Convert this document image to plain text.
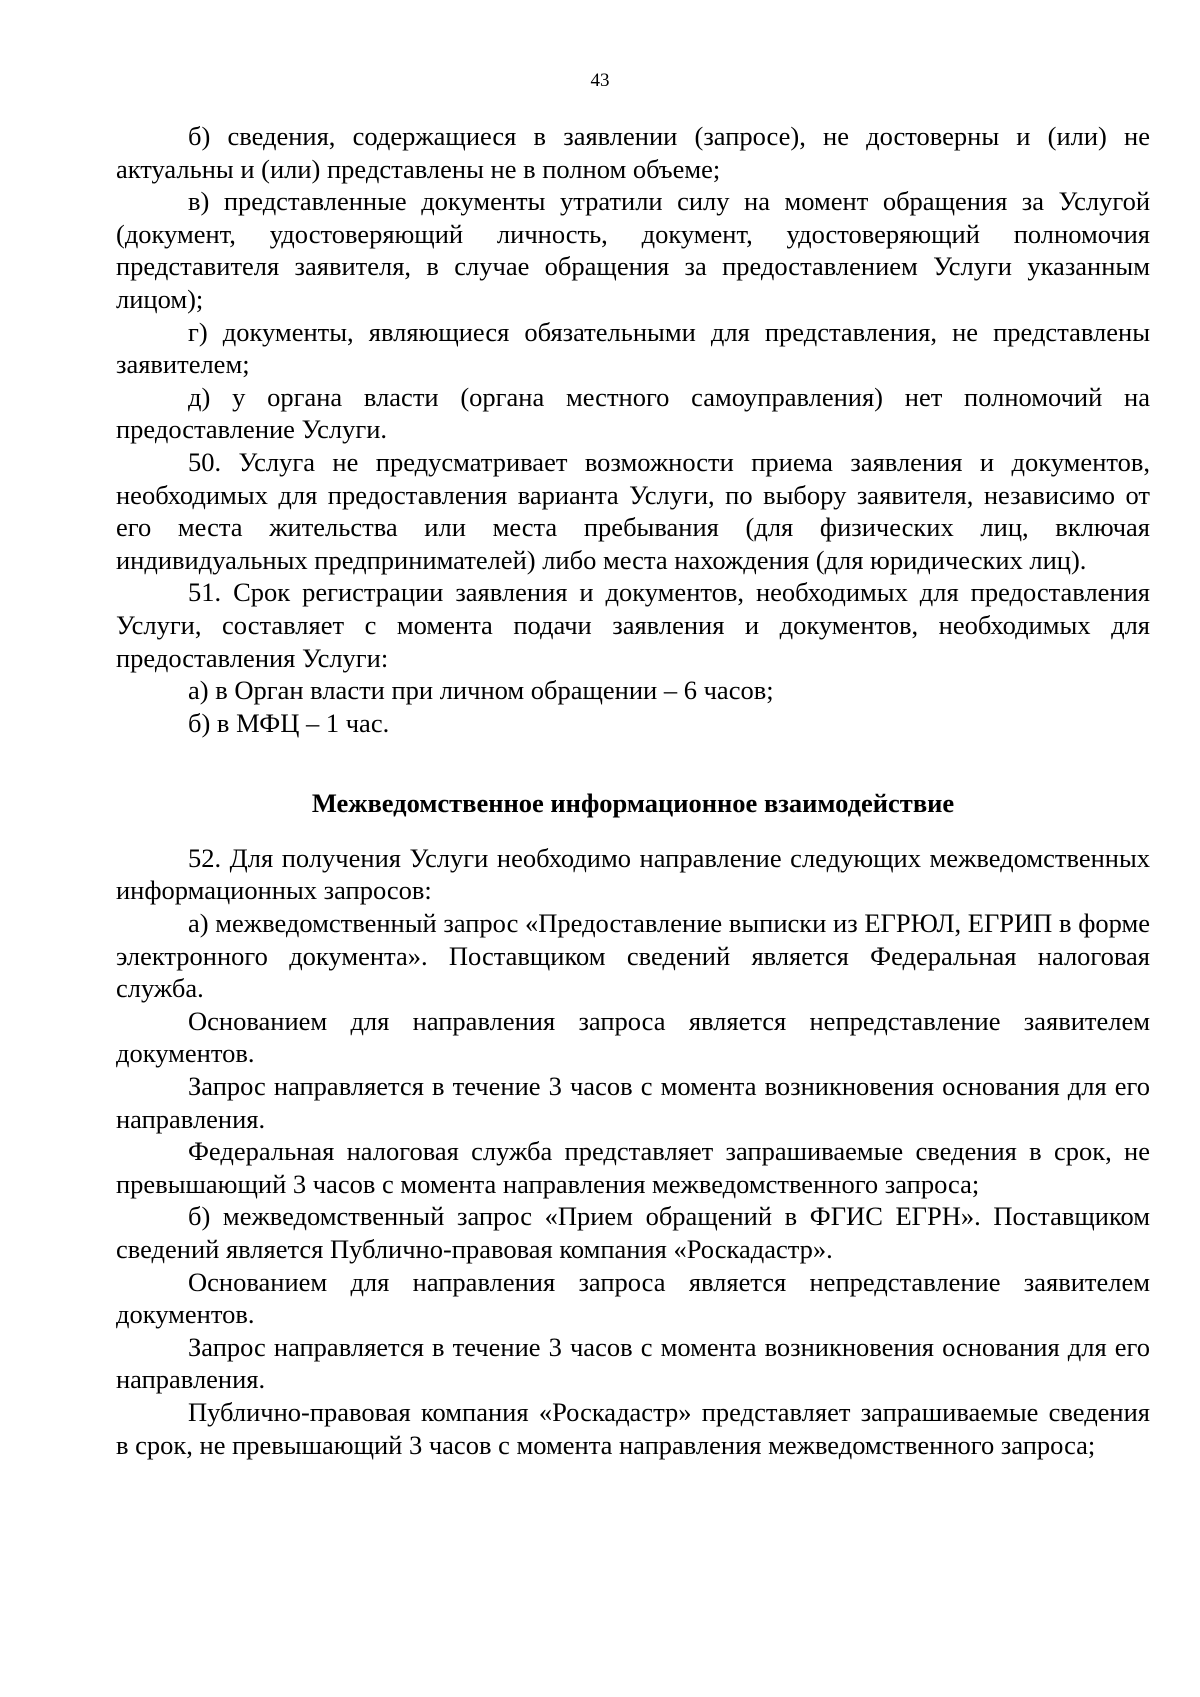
43

б) сведения, содержащиеся в заявлении (запросе), не достоверны и (или) не актуальны и (или) представлены не в полном объеме;

в) представленные документы утратили силу на момент обращения за Услугой (документ, удостоверяющий личность, документ, удостоверяющий полномочия представителя заявителя, в случае обращения за предоставлением Услуги указанным лицом);

г) документы, являющиеся обязательными для представления, не представлены заявителем;

д) у органа власти (органа местного самоуправления) нет полномочий на предоставление Услуги.

50. Услуга не предусматривает возможности приема заявления и документов, необходимых для предоставления варианта Услуги, по выбору заявителя, независимо от его места жительства или места пребывания (для физических лиц, включая индивидуальных предпринимателей) либо места нахождения (для юридических лиц).

51. Срок регистрации заявления и документов, необходимых для предоставления Услуги, составляет с момента подачи заявления и документов, необходимых для предоставления Услуги:

а) в Орган власти при личном обращении – 6 часов;

б) в МФЦ – 1 час.

Межведомственное информационное взаимодействие

52. Для получения Услуги необходимо направление следующих межведомственных информационных запросов:

а) межведомственный запрос «Предоставление выписки из ЕГРЮЛ, ЕГРИП в форме электронного документа». Поставщиком сведений является Федеральная налоговая служба.

Основанием для направления запроса является непредставление заявителем документов.

Запрос направляется в течение 3 часов с момента возникновения основания для его направления.

Федеральная налоговая служба представляет запрашиваемые сведения в срок, не превышающий 3 часов с момента направления межведомственного запроса;

б) межведомственный запрос «Прием обращений в ФГИС ЕГРН». Поставщиком сведений является Публично-правовая компания «Роскадастр».

Основанием для направления запроса является непредставление заявителем документов.

Запрос направляется в течение 3 часов с момента возникновения основания для его направления.

Публично-правовая компания «Роскадастр» представляет запрашиваемые сведения в срок, не превышающий 3 часов с момента направления межведомственного запроса;
